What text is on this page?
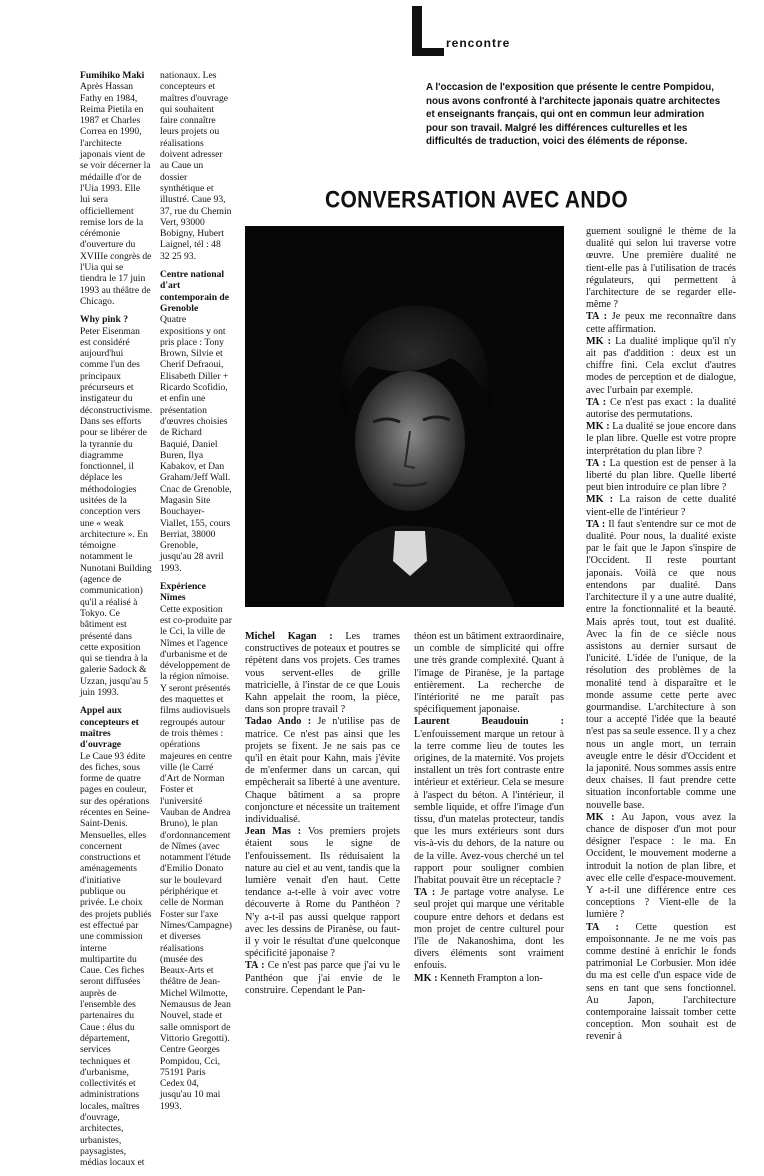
Fumihiko Maki
Après Hassan Fathy en 1984, Reima Pietila en 1987 et Charles Correa en 1990, l'architecte japonais vient de se voir décerner la médaille d'or de l'Uia 1993. Elle lui sera officiellement remise lors de la cérémonie d'ouverture du XVIIIe congrès de l'Uia qui se tiendra le 17 juin 1993 au théâtre de Chicago.

Why pink ?
Peter Eisenman est considéré aujourd'hui comme l'un des principaux précurseurs et instigateur du déconstructivisme. Dans ses efforts pour se libérer de la tyrannie du diagramme fonctionnel, il déplace les méthodologies usitées de la conception vers une « weak architecture ». En témoigne notamment le Nunotani Building (agence de communication) qu'il a réalisé à Tokyo. Ce bâtiment est présenté dans cette exposition qui se tiendra à la galerie Sadock & Uzzan, jusqu'au 5 juin 1993.

Appel aux concepteurs et maîtres d'ouvrage
Le Caue 93 édite des fiches, sous forme de quatre pages en couleur, sur des opérations récentes en Seine-Saint-Denis. Mensuelles, elles concernent constructions et aménagements d'initiative publique ou privée. Le choix des projets publiés est effectué par une commission interne multipartite du Caue. Ces fiches seront diffusées auprès de l'ensemble des partenaires du Caue : élus du département, services techniques et d'urbanisme, collectivités et administrations locales, maîtres d'ouvrage, architectes, urbanistes, paysagistes, médias locaux et

nationaux. Les concepteurs et maîtres d'ouvrage qui souhaitent faire connaître leurs projets ou réalisations doivent adresser au Caue un dossier synthétique et illustré. Caue 93, 37, rue du Chemin Vert, 93000 Bobigny, Hubert Laignel, tél : 48 32 25 93.

Centre national d'art contemporain de Grenoble
Quatre expositions y ont pris place : Tony Brown, Silvie et Cherif Defraoui, Elisabeth Diller + Ricardo Scofidio, et enfin une présentation d'œuvres choisies de Richard Baquié, Daniel Buren, Ilya Kabakov, et Dan Graham/Jeff Wall. Cnac de Grenoble, Magasin Site Bouchayer-Viallet, 155, cours Berriat, 38000 Grenoble, jusqu'au 28 avril 1993.

Expérience Nîmes
Cette exposition est co-produite par le Cci, la ville de Nîmes et l'agence d'urbanisme et de développement de la région nîmoise. Y seront présentés des maquettes et films audiovisuels regroupés autour de trois thèmes : opérations majeures en centre ville (le Carré d'Art de Norman Foster et l'université Vauban de Andrea Bruno), le plan d'ordonnancement de Nîmes (avec notamment l'étude d'Emilio Donato sur le boulevard périphérique et celle de Norman Foster sur l'axe Nîmes/Campagne) et diverses réalisations (musée des Beaux-Arts et théâtre de Jean-Michel Wilmotte, Nemausus de Jean Nouvel, stade et salle omnisport de Vittorio Gregotti). Centre Georges Pompidou, Cci, 75191 Paris Cedex 04, jusqu'au 10 mai 1993.

rencontre
A l'occasion de l'exposition que présente le centre Pompidou, nous avons confronté à l'architecte japonais quatre architectes et enseignants français, qui ont en commun leur admiration pour son travail. Malgré les différences culturelles et les difficultés de traduction, voici des éléments de réponse.
CONVERSATION AVEC ANDO

Michel Kagan : Les trames constructives de poteaux et poutres se répètent dans vos projets. Ces trames vous servent-elles de grille matricielle, à l'instar de ce que Louis Kahn appelait the room, la pièce, dans son propre travail ?

Tadao Ando : Je n'utilise pas de matrice. Ce n'est pas ainsi que les projets se fixent. Je ne sais pas ce qu'il en était pour Kahn, mais j'évite de m'enfermer dans un carcan, qui empêcherait sa liberté à une aventure. Chaque bâtiment a sa propre conjoncture et nécessite un traitement individualisé.

Jean Mas : Vos premiers projets étaient sous le signe de l'enfouissement. Ils réduisaient la nature au ciel et au vent, tandis que la lumière venait d'en haut. Cette tendance a-t-elle à voir avec votre découverte à Rome du Panthéon ? N'y a-t-il pas aussi quelque rapport avec les dessins de Piranèse, ou faut-il y voir le résultat d'une quelconque spécificité japonaise ?

TA : Ce n'est pas parce que j'ai vu le Panthéon que j'ai envie de le construire. Cependant le Pan-

théon est un bâtiment extraordinaire, un comble de simplicité qui offre une très grande complexité. Quant à l'image de Piranèse, je la partage entièrement. La recherche de l'intériorité ne me paraît pas spécifiquement japonaise.

Laurent Beaudouin : L'enfouissement marque un retour à la terre comme lieu de toutes les origines, de la maternité. Vos projets installent un très fort contraste entre intérieur et extérieur. Cela se mesure à l'aspect du béton. A l'intérieur, il semble liquide, et offre l'image d'un tissu, d'un matelas protecteur, tandis que les murs extérieurs sont durs vis-à-vis du dehors, de la nature ou de la ville. Avez-vous cherché un tel rapport pour souligner combien l'habitat pouvait être un réceptacle ?

TA : Je partage votre analyse. Le seul projet qui marque une véritable coupure entre dehors et dedans est mon projet de centre culturel pour l'île de Nakanoshima, dont les divers éléments sont vraiment enfouis.

MK : Kenneth Frampton a lon-

guement souligné le thème de la dualité qui selon lui traverse votre œuvre. Une première dualité ne tient-elle pas à l'utilisation de tracés régulateurs, qui permettent à l'architecture de se regarder elle-même ?

TA : Je peux me reconnaître dans cette affirmation.

MK : La dualité implique qu'il n'y ait pas d'addition : deux est un chiffre fini. Cela exclut d'autres modes de perception et de dialogue, avec l'urbain par exemple.

TA : Ce n'est pas exact : la dualité autorise des permutations.

MK : La dualité se joue encore dans le plan libre. Quelle est votre propre interprétation du plan libre ?

TA : La question est de penser à la liberté du plan libre. Quelle liberté peut bien introduire ce plan libre ?

MK : La raison de cette dualité vient-elle de l'intérieur ?

TA : Il faut s'entendre sur ce mot de dualité. Pour nous, la dualité existe par le fait que le Japon s'inspire de l'Occident. Il reste pourtant japonais. Voilà ce que nous entendons par dualité. Dans l'architecture il y a une autre dualité, entre la fonctionnalité et la beauté. Mais après tout, tout est dualité. Avec la fin de ce siècle nous assistons au dernier sursaut de l'unicité. L'idée de l'unique, de la résolution des problèmes de la monalité tend à disparaître et le monde assume cette perte avec gourmandise. L'architecture à son tour a accepté l'idée que la beauté n'est pas sa seule essence. Il y a chez nous un angle mort, un terrain aveugle entre le désir d'Occident et la japonité. Nous sommes assis entre deux chaises. Il faut prendre cette situation inconfortable comme une nouvelle base.

MK : Au Japon, vous avez la chance de disposer d'un mot pour désigner l'espace : le ma. En Occident, le mouvement moderne a introduit la notion de plan libre, et avec elle celle d'espace-mouvement. Y a-t-il une différence entre ces conceptions ? Vient-elle de la lumière ?

TA : Cette question est empoisonnante. Je ne me vois pas comme destiné à enrichir le fonds patrimonial Le Corbusier. Mon idée du ma est celle d'un espace vide de sens en tant que sens fonctionnel. Au Japon, l'architecture contemporaine laissait tomber cette conception. Mon souhait est de revenir à
